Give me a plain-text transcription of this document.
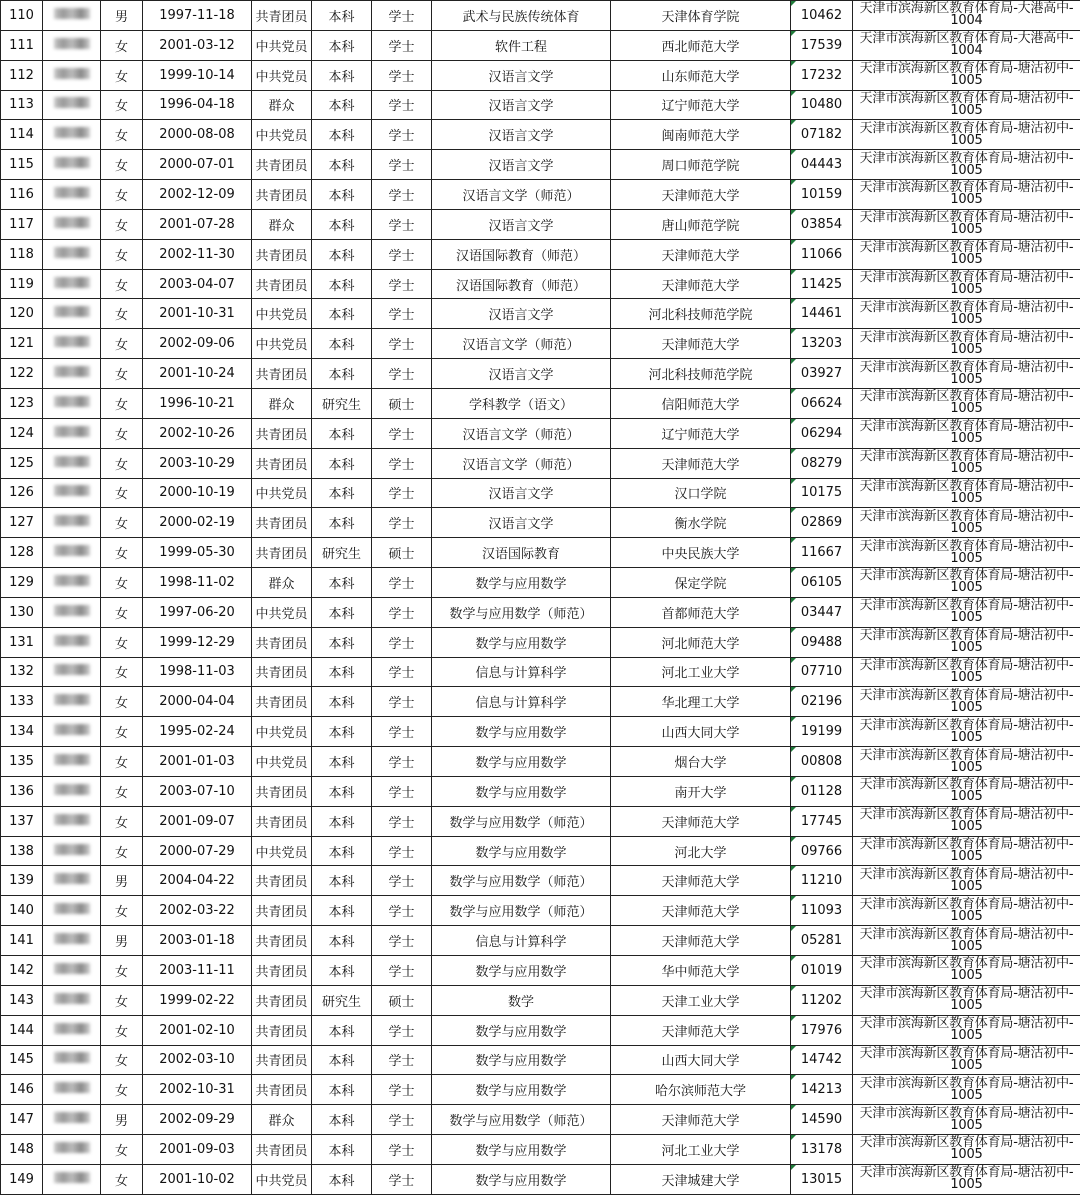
110		男	1997-11-18	共青团员	本科	学士	武术与民族传统体育	天津体育学院	10462	天津市滨海新区教育体育局-大港高中-
1004

111		女	2001-03-12	中共党员	本科	学士	软件工程	西北师范大学	17539	天津市滨海新区教育体育局-大港高中-
1004

112		女	1999-10-14	中共党员	本科	学士	汉语言文学	山东师范大学	17232	天津市滨海新区教育体育局-塘沽初中-
1005

113		女	1996-04-18	群众	本科	学士	汉语言文学	辽宁师范大学	10480	天津市滨海新区教育体育局-塘沽初中-
1005

114		女	2000-08-08	中共党员	本科	学士	汉语言文学	闽南师范大学	07182	天津市滨海新区教育体育局-塘沽初中-
1005

115		女	2000-07-01	共青团员	本科	学士	汉语言文学	周口师范学院	04443	天津市滨海新区教育体育局-塘沽初中-
1005

116		女	2002-12-09	共青团员	本科	学士	汉语言文学（师范）	天津师范大学	10159	天津市滨海新区教育体育局-塘沽初中-
1005

117		女	2001-07-28	群众	本科	学士	汉语言文学	唐山师范学院	03854	天津市滨海新区教育体育局-塘沽初中-
1005

118		女	2002-11-30	共青团员	本科	学士	汉语国际教育（师范）	天津师范大学	11066	天津市滨海新区教育体育局-塘沽初中-
1005

119		女	2003-04-07	共青团员	本科	学士	汉语国际教育（师范）	天津师范大学	11425	天津市滨海新区教育体育局-塘沽初中-
1005

120		女	2001-10-31	中共党员	本科	学士	汉语言文学	河北科技师范学院	14461	天津市滨海新区教育体育局-塘沽初中-
1005

121		女	2002-09-06	中共党员	本科	学士	汉语言文学（师范）	天津师范大学	13203	天津市滨海新区教育体育局-塘沽初中-
1005

122		女	2001-10-24	共青团员	本科	学士	汉语言文学	河北科技师范学院	03927	天津市滨海新区教育体育局-塘沽初中-
1005

123		女	1996-10-21	群众	研究生	硕士	学科教学（语文）	信阳师范大学	06624	天津市滨海新区教育体育局-塘沽初中-
1005

124		女	2002-10-26	共青团员	本科	学士	汉语言文学（师范）	辽宁师范大学	06294	天津市滨海新区教育体育局-塘沽初中-
1005

125		女	2003-10-29	共青团员	本科	学士	汉语言文学（师范）	天津师范大学	08279	天津市滨海新区教育体育局-塘沽初中-
1005

126		女	2000-10-19	中共党员	本科	学士	汉语言文学	汉口学院	10175	天津市滨海新区教育体育局-塘沽初中-
1005

127		女	2000-02-19	共青团员	本科	学士	汉语言文学	衡水学院	02869	天津市滨海新区教育体育局-塘沽初中-
1005

128		女	1999-05-30	共青团员	研究生	硕士	汉语国际教育	中央民族大学	11667	天津市滨海新区教育体育局-塘沽初中-
1005

129		女	1998-11-02	群众	本科	学士	数学与应用数学	保定学院	06105	天津市滨海新区教育体育局-塘沽初中-
1005

130		女	1997-06-20	中共党员	本科	学士	数学与应用数学（师范）	首都师范大学	03447	天津市滨海新区教育体育局-塘沽初中-
1005

131		女	1999-12-29	共青团员	本科	学士	数学与应用数学	河北师范大学	09488	天津市滨海新区教育体育局-塘沽初中-
1005

132		女	1998-11-03	共青团员	本科	学士	信息与计算科学	河北工业大学	07710	天津市滨海新区教育体育局-塘沽初中-
1005

133		女	2000-04-04	共青团员	本科	学士	信息与计算科学	华北理工大学	02196	天津市滨海新区教育体育局-塘沽初中-
1005

134		女	1995-02-24	中共党员	本科	学士	数学与应用数学	山西大同大学	19199	天津市滨海新区教育体育局-塘沽初中-
1005

135		女	2001-01-03	中共党员	本科	学士	数学与应用数学	烟台大学	00808	天津市滨海新区教育体育局-塘沽初中-
1005

136		女	2003-07-10	共青团员	本科	学士	数学与应用数学	南开大学	01128	天津市滨海新区教育体育局-塘沽初中-
1005

137		女	2001-09-07	共青团员	本科	学士	数学与应用数学（师范）	天津师范大学	17745	天津市滨海新区教育体育局-塘沽初中-
1005

138		女	2000-07-29	中共党员	本科	学士	数学与应用数学	河北大学	09766	天津市滨海新区教育体育局-塘沽初中-
1005

139		男	2004-04-22	共青团员	本科	学士	数学与应用数学（师范）	天津师范大学	11210	天津市滨海新区教育体育局-塘沽初中-
1005

140		女	2002-03-22	共青团员	本科	学士	数学与应用数学（师范）	天津师范大学	11093	天津市滨海新区教育体育局-塘沽初中-
1005

141		男	2003-01-18	共青团员	本科	学士	信息与计算科学	天津师范大学	05281	天津市滨海新区教育体育局-塘沽初中-
1005

142		女	2003-11-11	共青团员	本科	学士	数学与应用数学	华中师范大学	01019	天津市滨海新区教育体育局-塘沽初中-
1005

143		女	1999-02-22	共青团员	研究生	硕士	数学	天津工业大学	11202	天津市滨海新区教育体育局-塘沽初中-
1005

144		女	2001-02-10	共青团员	本科	学士	数学与应用数学	天津师范大学	17976	天津市滨海新区教育体育局-塘沽初中-
1005

145		女	2002-03-10	共青团员	本科	学士	数学与应用数学	山西大同大学	14742	天津市滨海新区教育体育局-塘沽初中-
1005

146		女	2002-10-31	共青团员	本科	学士	数学与应用数学	哈尔滨师范大学	14213	天津市滨海新区教育体育局-塘沽初中-
1005

147		男	2002-09-29	群众	本科	学士	数学与应用数学（师范）	天津师范大学	14590	天津市滨海新区教育体育局-塘沽初中-
1005

148		女	2001-09-03	共青团员	本科	学士	数学与应用数学	河北工业大学	13178	天津市滨海新区教育体育局-塘沽初中-
1005

149		女	2001-10-02	中共党员	本科	学士	数学与应用数学	天津城建大学	13015	天津市滨海新区教育体育局-塘沽初中-
1005
